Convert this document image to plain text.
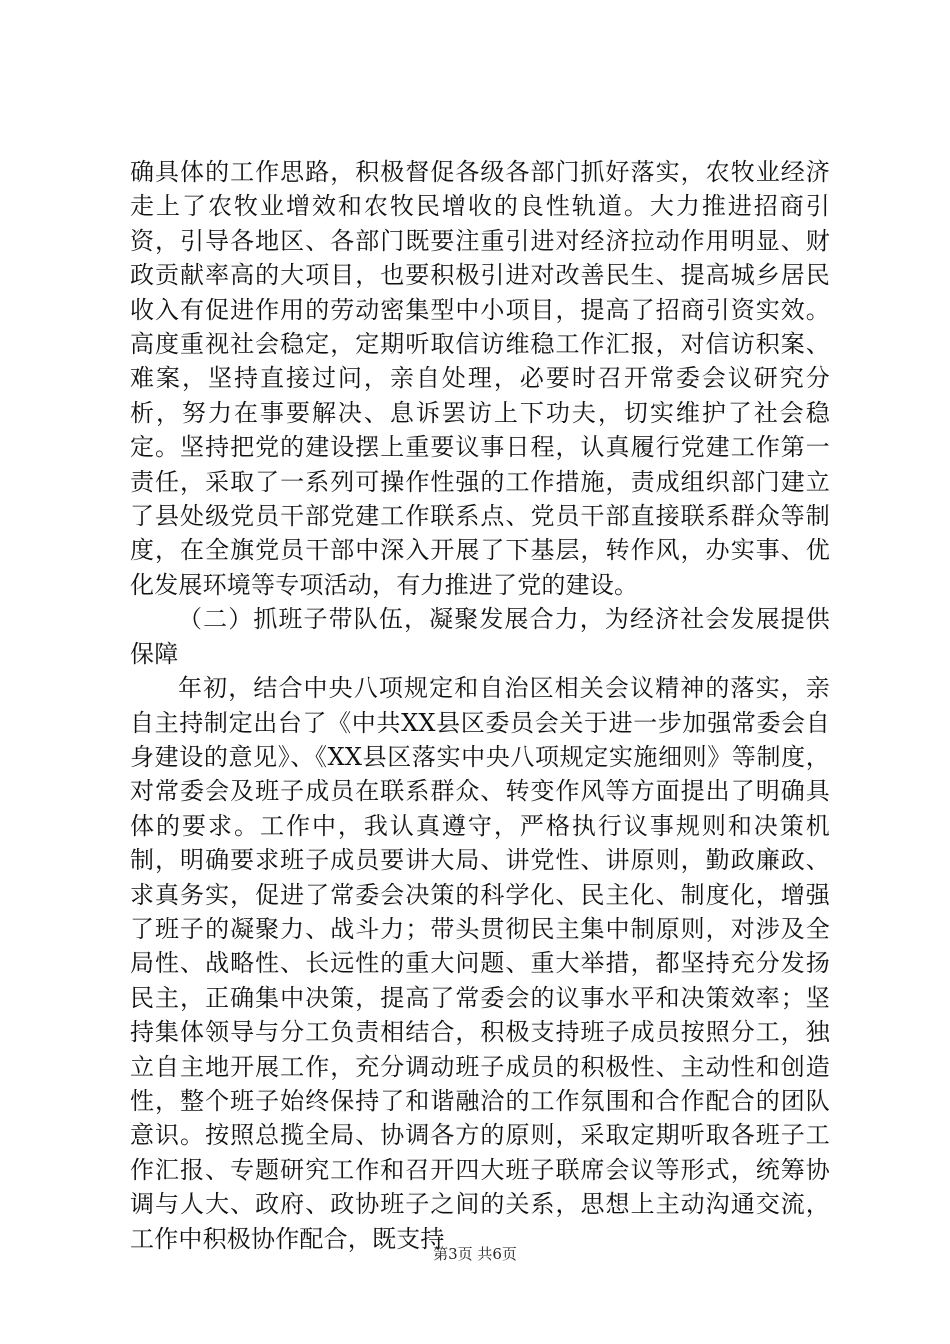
确具体的工作思路，积极督促各级各部门抓好落实，农牧业经济走上了农牧业增效和农牧民增收的良性轨道。大力推进招商引资，引导各地区、各部门既要注重引进对经济拉动作用明显、财政贡献率高的大项目，也要积极引进对改善民生、提高城乡居民收入有促进作用的劳动密集型中小项目，提高了招商引资实效。高度重视社会稳定，定期听取信访维稳工作汇报，对信访积案、难案，坚持直接过问，亲自处理，必要时召开常委会议研究分析，努力在事要解决、息诉罢访上下功夫，切实维护了社会稳定。坚持把党的建设摆上重要议事日程，认真履行党建工作第一责任，采取了一系列可操作性强的工作措施，责成组织部门建立了县处级党员干部党建工作联系点、党员干部直接联系群众等制度，在全旗党员干部中深入开展了下基层，转作风，办实事、优化发展环境等专项活动，有力推进了党的建设。

（二）抓班子带队伍，凝聚发展合力，为经济社会发展提供保障

年初，结合中央八项规定和自治区相关会议精神的落实，亲自主持制定出台了《中共XX县区委员会关于进一步加强常委会自身建设的意见》、《XX县区落实中央八项规定实施细则》等制度，对常委会及班子成员在联系群众、转变作风等方面提出了明确具体的要求。工作中，我认真遵守，严格执行议事规则和决策机制，明确要求班子成员要讲大局、讲党性、讲原则，勤政廉政、求真务实，促进了常委会决策的科学化、民主化、制度化，增强了班子的凝聚力、战斗力；带头贯彻民主集中制原则，对涉及全局性、战略性、长远性的重大问题、重大举措，都坚持充分发扬民主，正确集中决策，提高了常委会的议事水平和决策效率；坚持集体领导与分工负责相结合，积极支持班子成员按照分工，独立自主地开展工作，充分调动班子成员的积极性、主动性和创造性，整个班子始终保持了和谐融洽的工作氛围和合作配合的团队意识。按照总揽全局、协调各方的原则，采取定期听取各班子工作汇报、专题研究工作和召开四大班子联席会议等形式，统筹协调与人大、政府、政协班子之间的关系，思想上主动沟通交流，工作中积极协作配合，既支持

第3页 共6页
